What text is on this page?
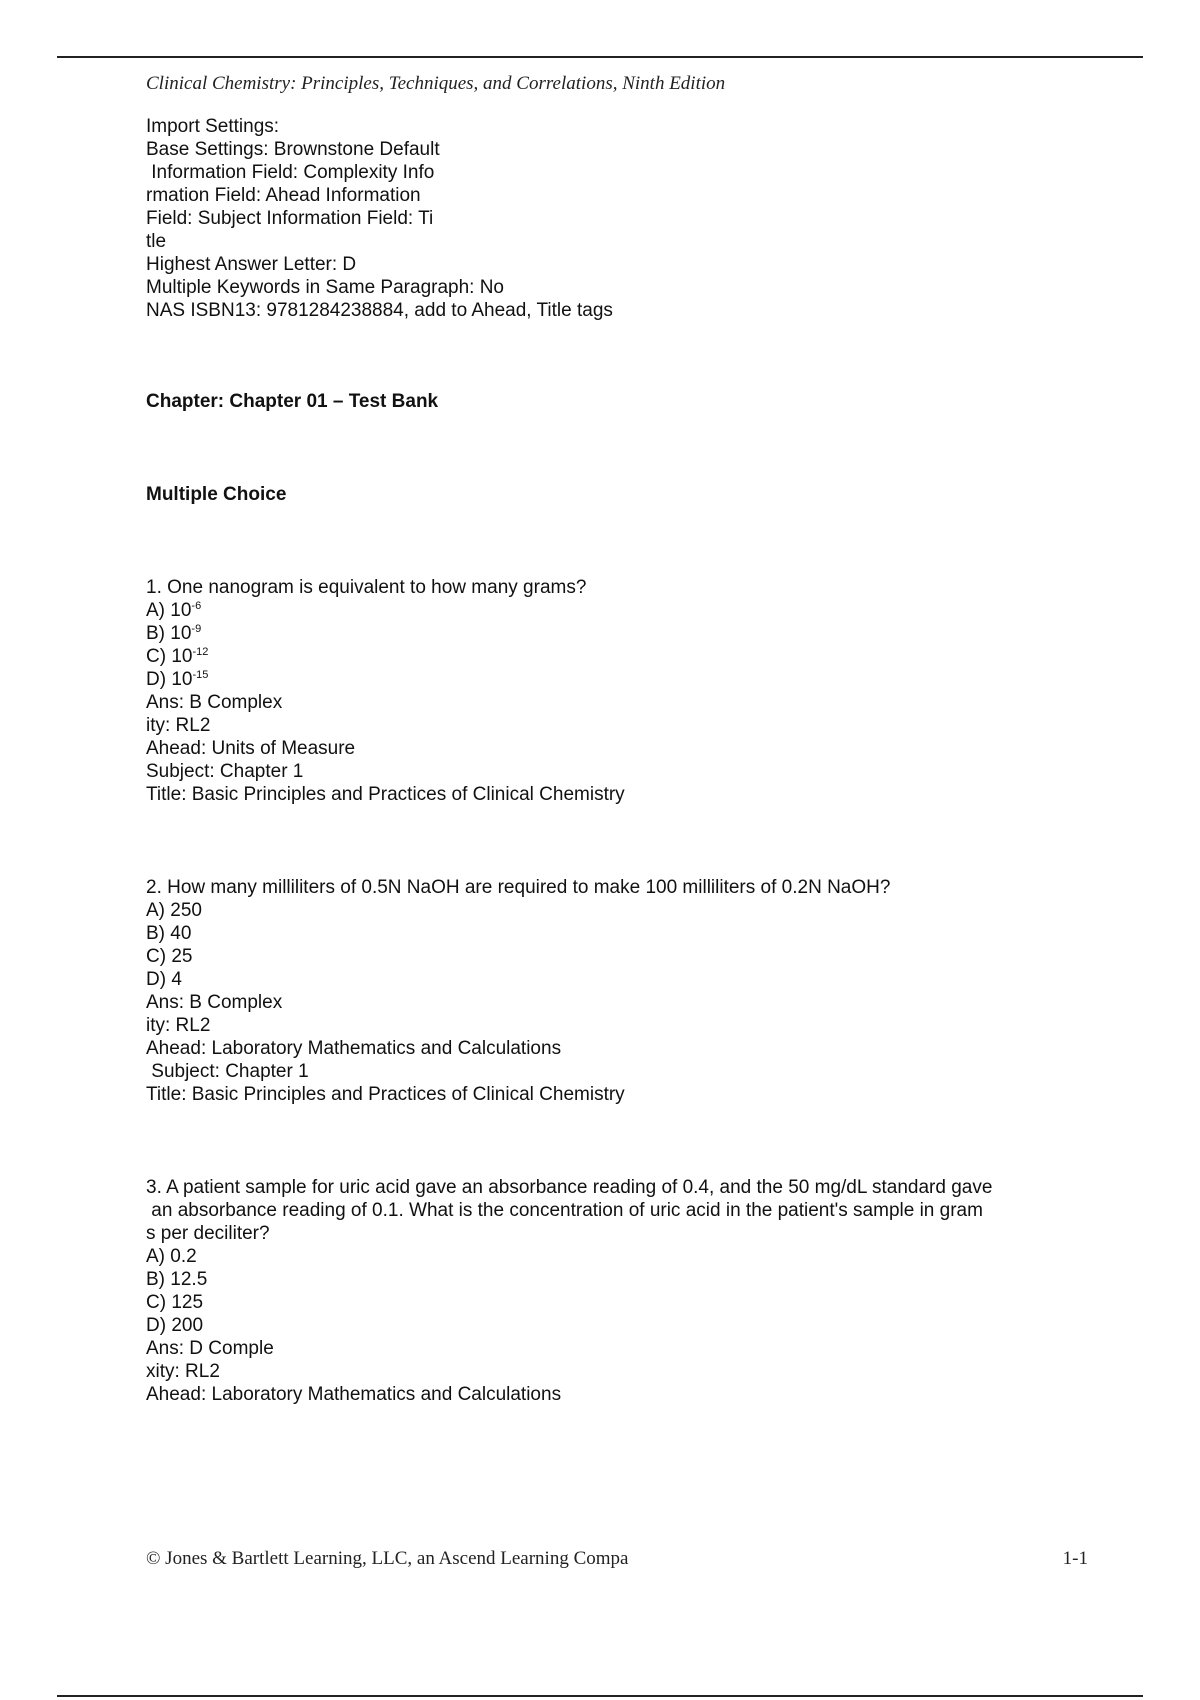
Clinical Chemistry: Principles, Techniques, and Correlations, Ninth Edition

Import Settings:

Base Settings: Brownstone Default

Information Field: Complexity Info

rmation Field: Ahead Information

Field: Subject Information Field: Ti

tle

Highest Answer Letter: D

Multiple Keywords in Same Paragraph: No

NAS ISBN13: 9781284238884, add to Ahead, Title tags

Chapter: Chapter 01 – Test Bank

Multiple Choice

1. One nanogram is equivalent to how many grams?

A) $10^{-6}$

B) $10^{-9}$

C) $10^{-12}$

D) $10^{-15}$

Ans: B Complex

ity: RL2

Ahead: Units of Measure

Subject: Chapter 1

Title: Basic Principles and Practices of Clinical Chemistry

2. How many milliliters of 0.5N NaOH are required to make 100 milliliters of 0.2N NaOH?

A) 250

B) 40

C) 25

D) 4

Ans: B Complex

ity: RL2

Ahead: Laboratory Mathematics and Calculations

Subject: Chapter 1

Title: Basic Principles and Practices of Clinical Chemistry

3. A patient sample for uric acid gave an absorbance reading of 0.4, and the 50 mg/dL standard gave

an absorbance reading of 0.1. What is the concentration of uric acid in the patient's sample in gram

s per deciliter?

A) 0.2

B) 12.5

C) 125

D) 200

Ans: D Comple

xity: RL2

Ahead: Laboratory Mathematics and Calculations

© Jones & Bartlett Learning, LLC, an Ascend Learning Compa	1-1
